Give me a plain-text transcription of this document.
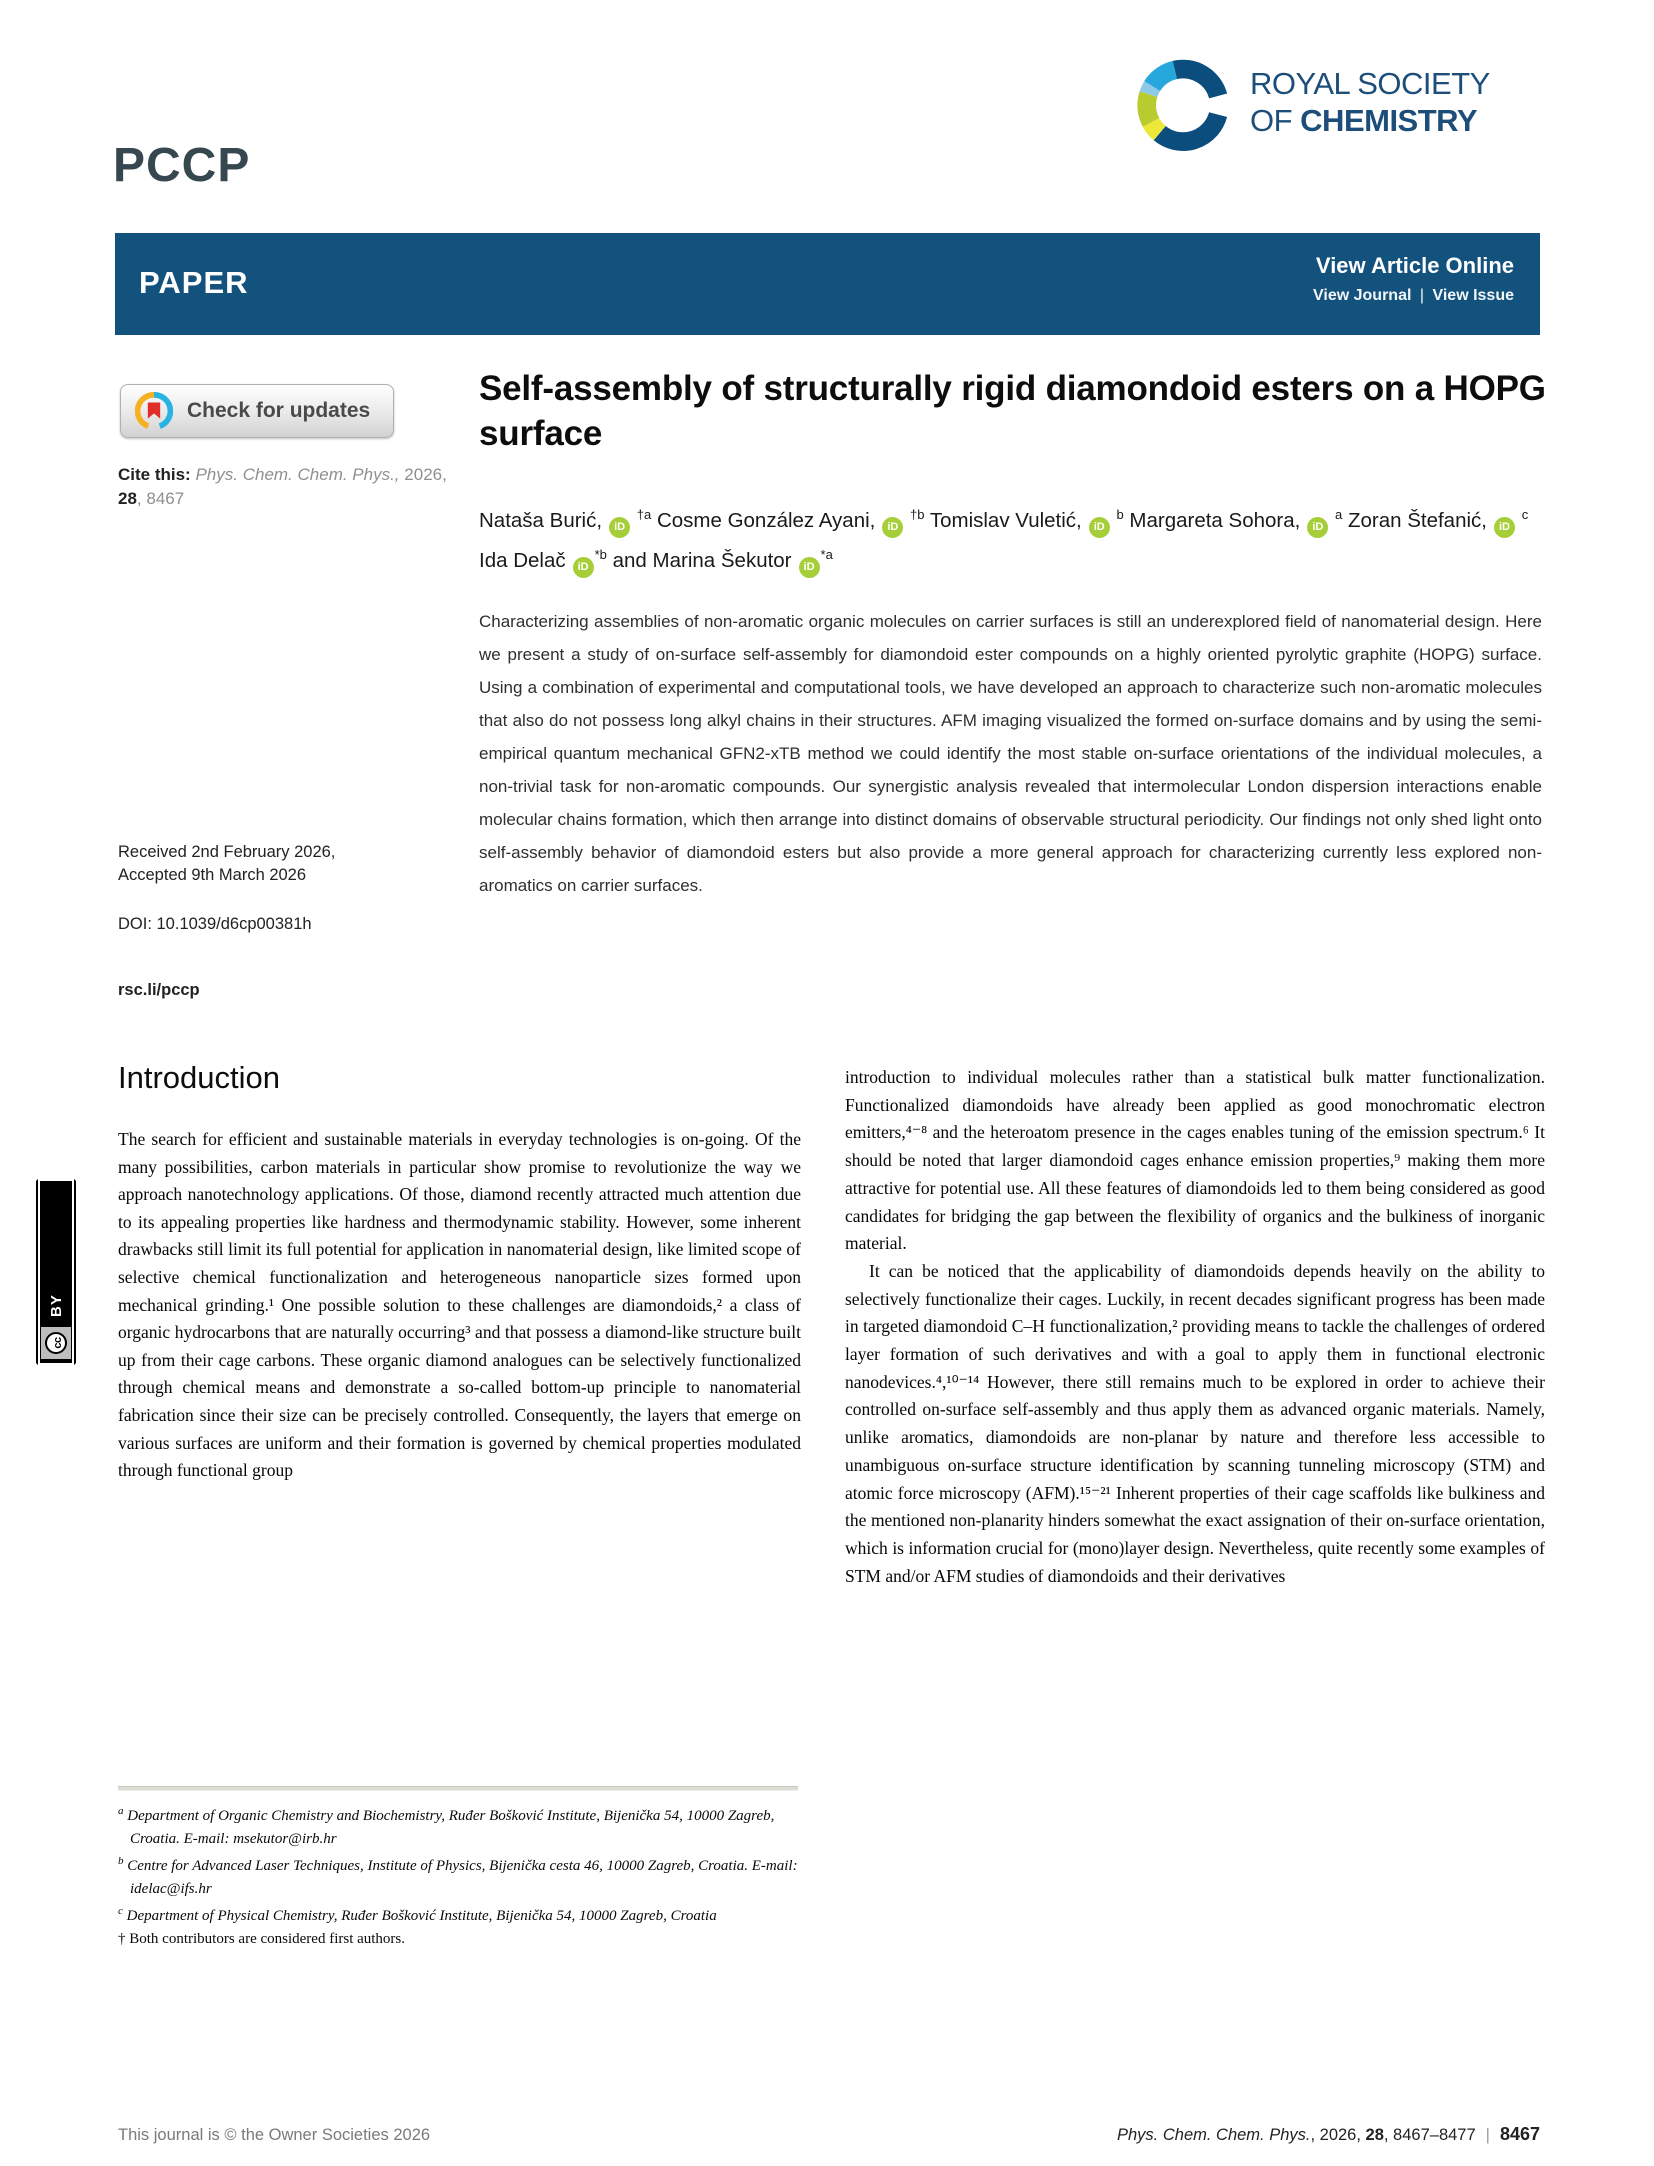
PCCP
ROYAL SOCIETY
OF CHEMISTRY
PAPER	View Article Online
View Journal | View Issue
Check for updates
Cite this: Phys. Chem. Chem. Phys., 2026, 28, 8467
Received 2nd February 2026,
Accepted 9th March 2026
DOI: 10.1039/d6cp00381h
rsc.li/pccp
Self-assembly of structurally rigid diamondoid esters on a HOPG surface
Nataša Burić, iD $^{\dagger a}$ Cosme González Ayani, iD $^{\dagger b}$ Tomislav Vuletić, iD $^b$ Margareta Sohora, iD $^a$ Zoran Štefanić, iD $^c$ Ida Delač $iD^{*b}$ and Marina Šekutor $iD^{*a}$
Characterizing assemblies of non-aromatic organic molecules on carrier surfaces is still an underexplored field of nanomaterial design. Here we present a study of on-surface self-assembly for diamondoid ester compounds on a highly oriented pyrolytic graphite (HOPG) surface. Using a combination of experimental and computational tools, we have developed an approach to characterize such non-aromatic molecules that also do not possess long alkyl chains in their structures. AFM imaging visualized the formed on-surface domains and by using the semi-empirical quantum mechanical GFN2-xTB method we could identify the most stable on-surface orientations of the individual molecules, a non-trivial task for non-aromatic compounds. Our synergistic analysis revealed that intermolecular London dispersion interactions enable molecular chains formation, which then arrange into distinct domains of observable structural periodicity. Our findings not only shed light onto self-assembly behavior of diamondoid esters but also provide a more general approach for characterizing currently less explored non-aromatics on carrier surfaces.
Introduction

The search for efficient and sustainable materials in everyday technologies is on-going. Of the many possibilities, carbon materials in particular show promise to revolutionize the way we approach nanotechnology applications. Of those, diamond recently attracted much attention due to its appealing properties like hardness and thermodynamic stability. However, some inherent drawbacks still limit its full potential for application in nanomaterial design, like limited scope of selective chemical functionalization and heterogeneous nanoparticle sizes formed upon mechanical grinding.¹ One possible solution to these challenges are diamondoids,² a class of organic hydrocarbons that are naturally occurring³ and that possess a diamond-like structure built up from their cage carbons. These organic diamond analogues can be selectively functionalized through chemical means and demonstrate a so-called bottom-up principle to nanomaterial fabrication since their size can be precisely controlled. Consequently, the layers that emerge on various surfaces are uniform and their formation is governed by chemical properties modulated through functional group

introduction to individual molecules rather than a statistical bulk matter functionalization. Functionalized diamondoids have already been applied as good monochromatic electron emitters,⁴⁻⁸ and the heteroatom presence in the cages enables tuning of the emission spectrum.⁶ It should be noted that larger diamondoid cages enhance emission properties,⁹ making them more attractive for potential use. All these features of diamondoids led to them being considered as good candidates for bridging the gap between the flexibility of organics and the bulkiness of inorganic material.

It can be noticed that the applicability of diamondoids depends heavily on the ability to selectively functionalize their cages. Luckily, in recent decades significant progress has been made in targeted diamondoid C–H functionalization,² providing means to tackle the challenges of ordered layer formation of such derivatives and with a goal to apply them in functional electronic nanodevices.⁴,¹⁰⁻¹⁴ However, there still remains much to be explored in order to achieve their controlled on-surface self-assembly and thus apply them as advanced organic materials. Namely, unlike aromatics, diamondoids are non-planar by nature and therefore less accessible to unambiguous on-surface structure identification by scanning tunneling microscopy (STM) and atomic force microscopy (AFM).¹⁵⁻²¹ Inherent properties of their cage scaffolds like bulkiness and the mentioned non-planarity hinders somewhat the exact assignation of their on-surface orientation, which is information crucial for (mono)layer design. Nevertheless, quite recently some examples of STM and/or AFM studies of diamondoids and their derivatives

$^a$ Department of Organic Chemistry and Biochemistry, Ruđer Bošković Institute, Bijenička 54, 10000 Zagreb, Croatia. E-mail: msekutor@irb.hr
$^b$ Centre for Advanced Laser Techniques, Institute of Physics, Bijenička cesta 46, 10000 Zagreb, Croatia. E-mail: idelac@ifs.hr
$^c$ Department of Physical Chemistry, Ruđer Bošković Institute, Bijenička 54, 10000 Zagreb, Croatia
† Both contributors are considered first authors.
cc
BY
This journal is © the Owner Societies 2026	Phys. Chem. Chem. Phys., 2026, 28, 8467–8477 | 8467
